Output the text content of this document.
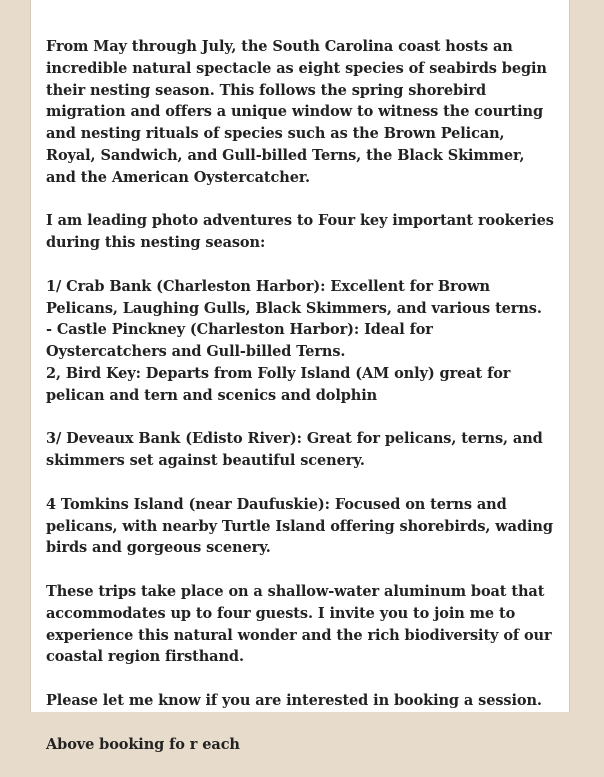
From May through July, the South Carolina coast hosts an incredible natural spectacle as eight species of seabirds begin their nesting season. This follows the spring shorebird migration and offers a unique window to witness the courting and nesting rituals of species such as the Brown Pelican, Royal, Sandwich, and Gull-billed Terns, the Black Skimmer, and the American Oystercatcher.

I am leading photo adventures to Four key important rookeries during this nesting season:

1/ Crab Bank (Charleston Harbor): Excellent for Brown Pelicans, Laughing Gulls, Black Skimmers, and various terns.

- Castle Pinckney (Charleston Harbor): Ideal for Oystercatchers and Gull-billed Terns.

2, Bird Key: Departs from Folly Island (AM only) great for pelican and tern and scenics and dolphin

3/ Deveaux Bank (Edisto River): Great for pelicans, terns, and skimmers set against beautiful scenery.

4 Tomkins Island (near Daufuskie): Focused on terns and pelicans, with nearby Turtle Island offering shorebirds, wading birds and gorgeous scenery.

These trips take place on a shallow-water aluminum boat that accommodates up to four guests. I invite you to join me to experience this natural wonder and the rich biodiversity of our coastal region firsthand.

Please let me know if you are interested in booking a session.

Above booking fo r each
